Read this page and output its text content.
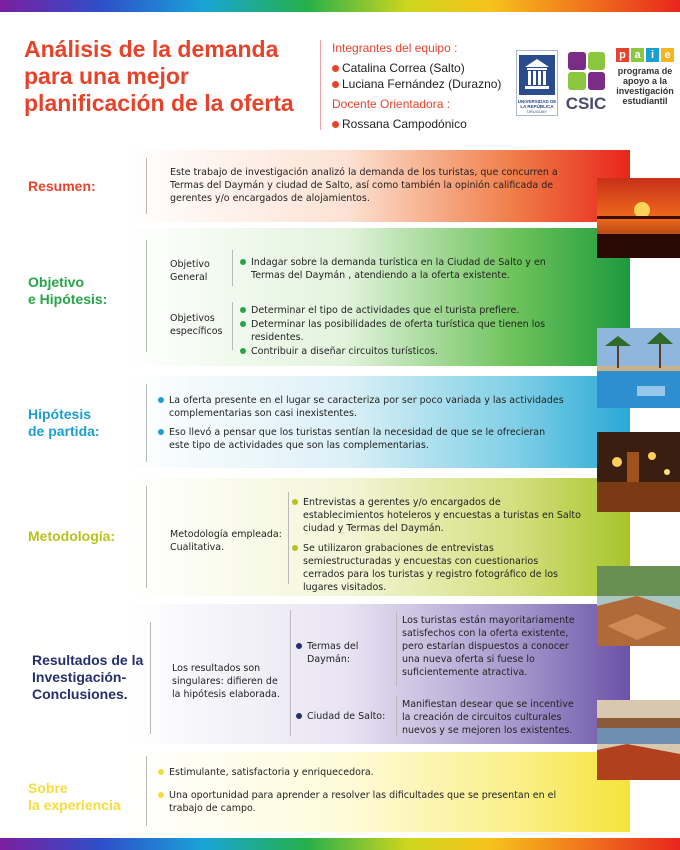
Análisis de la demanda para una mejor planificación de la oferta
Integrantes del equipo :
Catalina Correa (Salto)
Luciana Fernández (Durazno)
Docente Orientadora :
Rossana Campodónico
UNIVERSIDAD DE LA REPÚBLICA
URUGUAY	CSIC
p a i e
programa de apoyo a la investigación estudiantil
Resumen:
Este trabajo de investigación analizó la demanda de los turistas, que concurren a Termas del Daymán y ciudad de Salto, así como también la opinión calificada de gerentes y/o encargados de alojamientos.
Objetivo
e Hipótesis:
Objetivo General
Indagar sobre la demanda turística en la Ciudad de Salto y en Termas del Daymán , atendiendo a la oferta existente.
Objetivos específicos
Determinar el tipo de actividades que el turista prefiere.
Determinar las posibilidades de oferta turística que tienen los residentes.
Contribuir a diseñar circuitos turísticos.
Hipótesis
de partida:
La oferta presente en el lugar se caracteriza por ser poco variada y las actividades complementarias son casi inexistentes.
Eso llevó a pensar que los turistas sentían la necesidad de que se le ofrecieran este tipo de actividades que son las complementarias.
Metodología:	Metodología empleada: Cualitativa.
Entrevistas a gerentes y/o encargados de establecimientos hoteleros y encuestas a turistas en Salto ciudad y Termas del Daymán.
Se utilizaron grabaciones de entrevistas semiestructuradas y encuestas con cuestionarios cerrados para los turistas y registro fotográfico de los lugares visitados.
Resultados de la
Investigación-
Conclusiones.
Los resultados son singulares: difieren de la hipótesis elaborada.
Termas del Daymán:
Los turistas están mayoritariamente satisfechos con la oferta existente, pero estarían dispuestos a conocer una nueva oferta si fuese lo suficientemente atractiva.
Ciudad de Salto:
Manifiestan desear que se incentive la creación de circuitos culturales nuevos y se mejoren los existentes.
Sobre
la experiencia
Estimulante, satisfactoria y enriquecedora.
Una oportunidad para aprender a resolver las dificultades que se presentan en el trabajo de campo.
